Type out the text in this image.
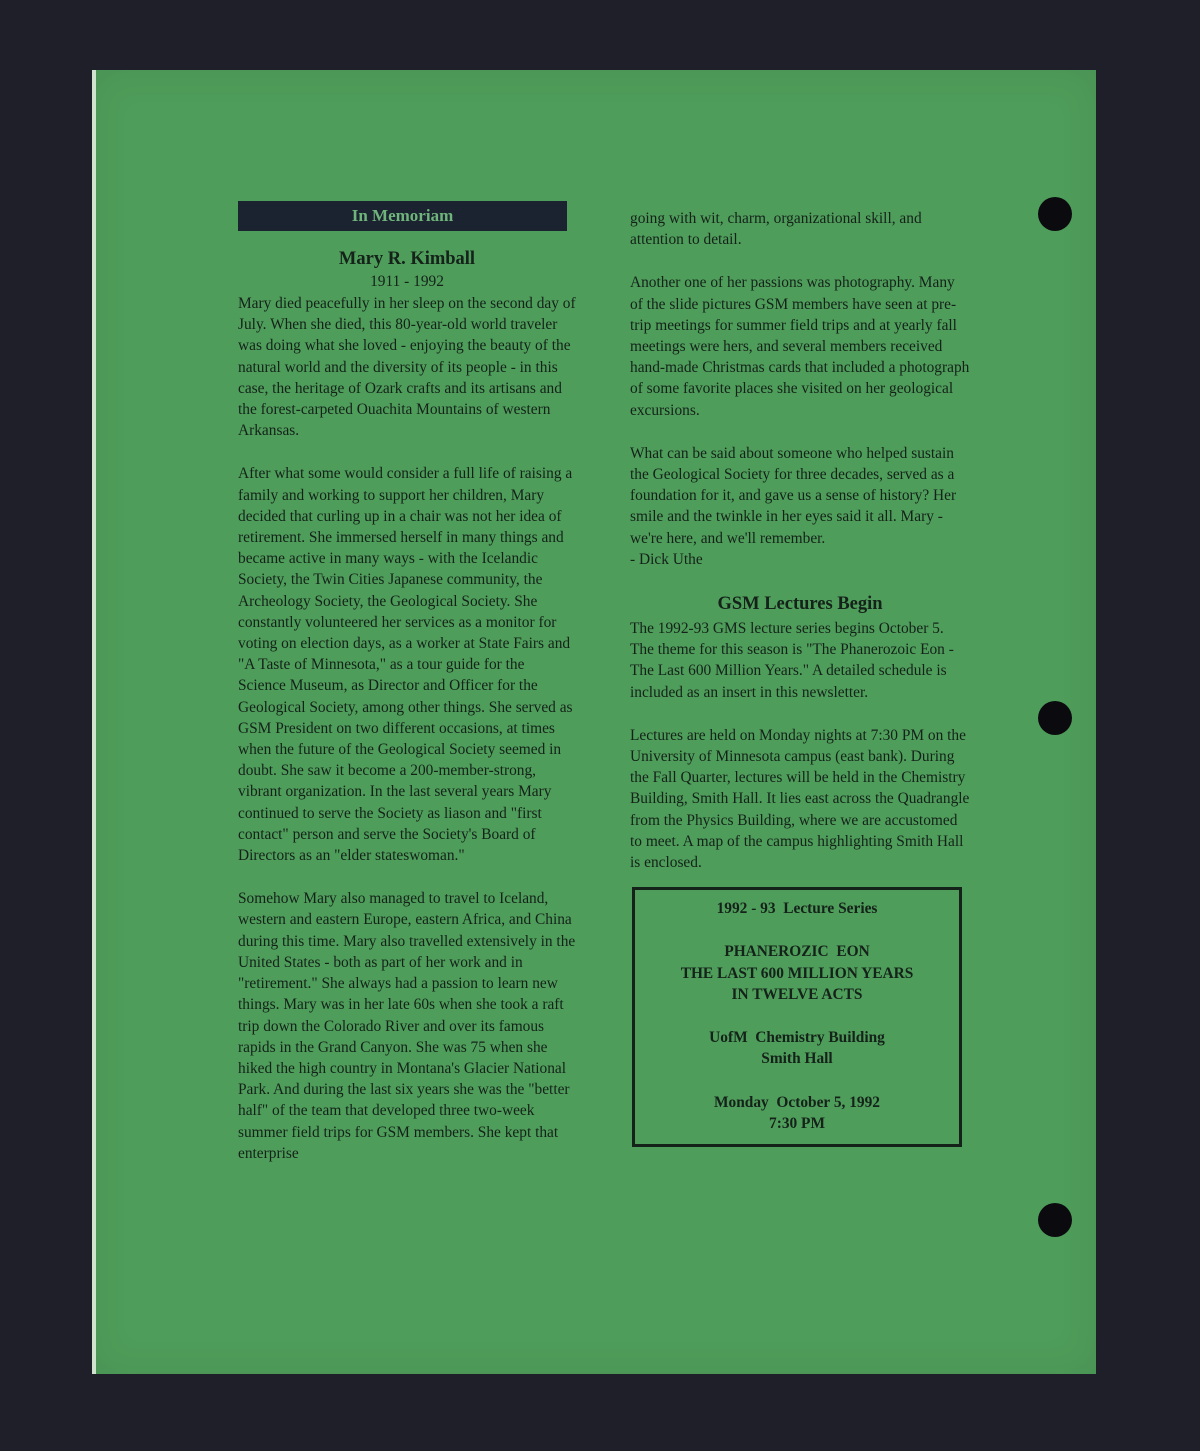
In Memoriam
Mary R. Kimball
1911 - 1992

Mary died peacefully in her sleep on the second day of July. When she died, this 80-year-old world traveler was doing what she loved - enjoying the beauty of the natural world and the diversity of its people - in this case, the heritage of Ozark crafts and its artisans and the forest-carpeted Ouachita Mountains of western Arkansas.

After what some would consider a full life of raising a family and working to support her children, Mary decided that curling up in a chair was not her idea of retirement. She immersed herself in many things and became active in many ways - with the Icelandic Society, the Twin Cities Japanese community, the Archeology Society, the Geological Society. She constantly volunteered her services as a monitor for voting on election days, as a worker at State Fairs and "A Taste of Minnesota," as a tour guide for the Science Museum, as Director and Officer for the Geological Society, among other things. She served as GSM President on two different occasions, at times when the future of the Geological Society seemed in doubt. She saw it become a 200-member-strong, vibrant organization. In the last several years Mary continued to serve the Society as liason and "first contact" person and serve the Society's Board of Directors as an "elder stateswoman."

Somehow Mary also managed to travel to Iceland, western and eastern Europe, eastern Africa, and China during this time. Mary also travelled extensively in the United States - both as part of her work and in "retirement." She always had a passion to learn new things. Mary was in her late 60s when she took a raft trip down the Colorado River and over its famous rapids in the Grand Canyon. She was 75 when she hiked the high country in Montana's Glacier National Park. And during the last six years she was the "better half" of the team that developed three two-week summer field trips for GSM members. She kept that enterprise

going with wit, charm, organizational skill, and attention to detail.

Another one of her passions was photography. Many of the slide pictures GSM members have seen at pre-trip meetings for summer field trips and at yearly fall meetings were hers, and several members received hand-made Christmas cards that included a photograph of some favorite places she visited on her geological excursions.

What can be said about someone who helped sustain the Geological Society for three decades, served as a foundation for it, and gave us a sense of history? Her smile and the twinkle in her eyes said it all. Mary - we're here, and we'll remember.

- Dick Uthe

GSM Lectures Begin

The 1992-93 GMS lecture series begins October 5. The theme for this season is "The Phanerozoic Eon - The Last 600 Million Years." A detailed schedule is included as an insert in this newsletter.

Lectures are held on Monday nights at 7:30 PM on the University of Minnesota campus (east bank). During the Fall Quarter, lectures will be held in the Chemistry Building, Smith Hall. It lies east across the Quadrangle from the Physics Building, where we are accustomed to meet. A map of the campus highlighting Smith Hall is enclosed.

1992 - 93  Lecture Series
PHANEROZIC  EON
THE LAST 600 MILLION YEARS
IN TWELVE ACTS
UofM  Chemistry Building
Smith Hall
Monday  October 5, 1992
7:30 PM
